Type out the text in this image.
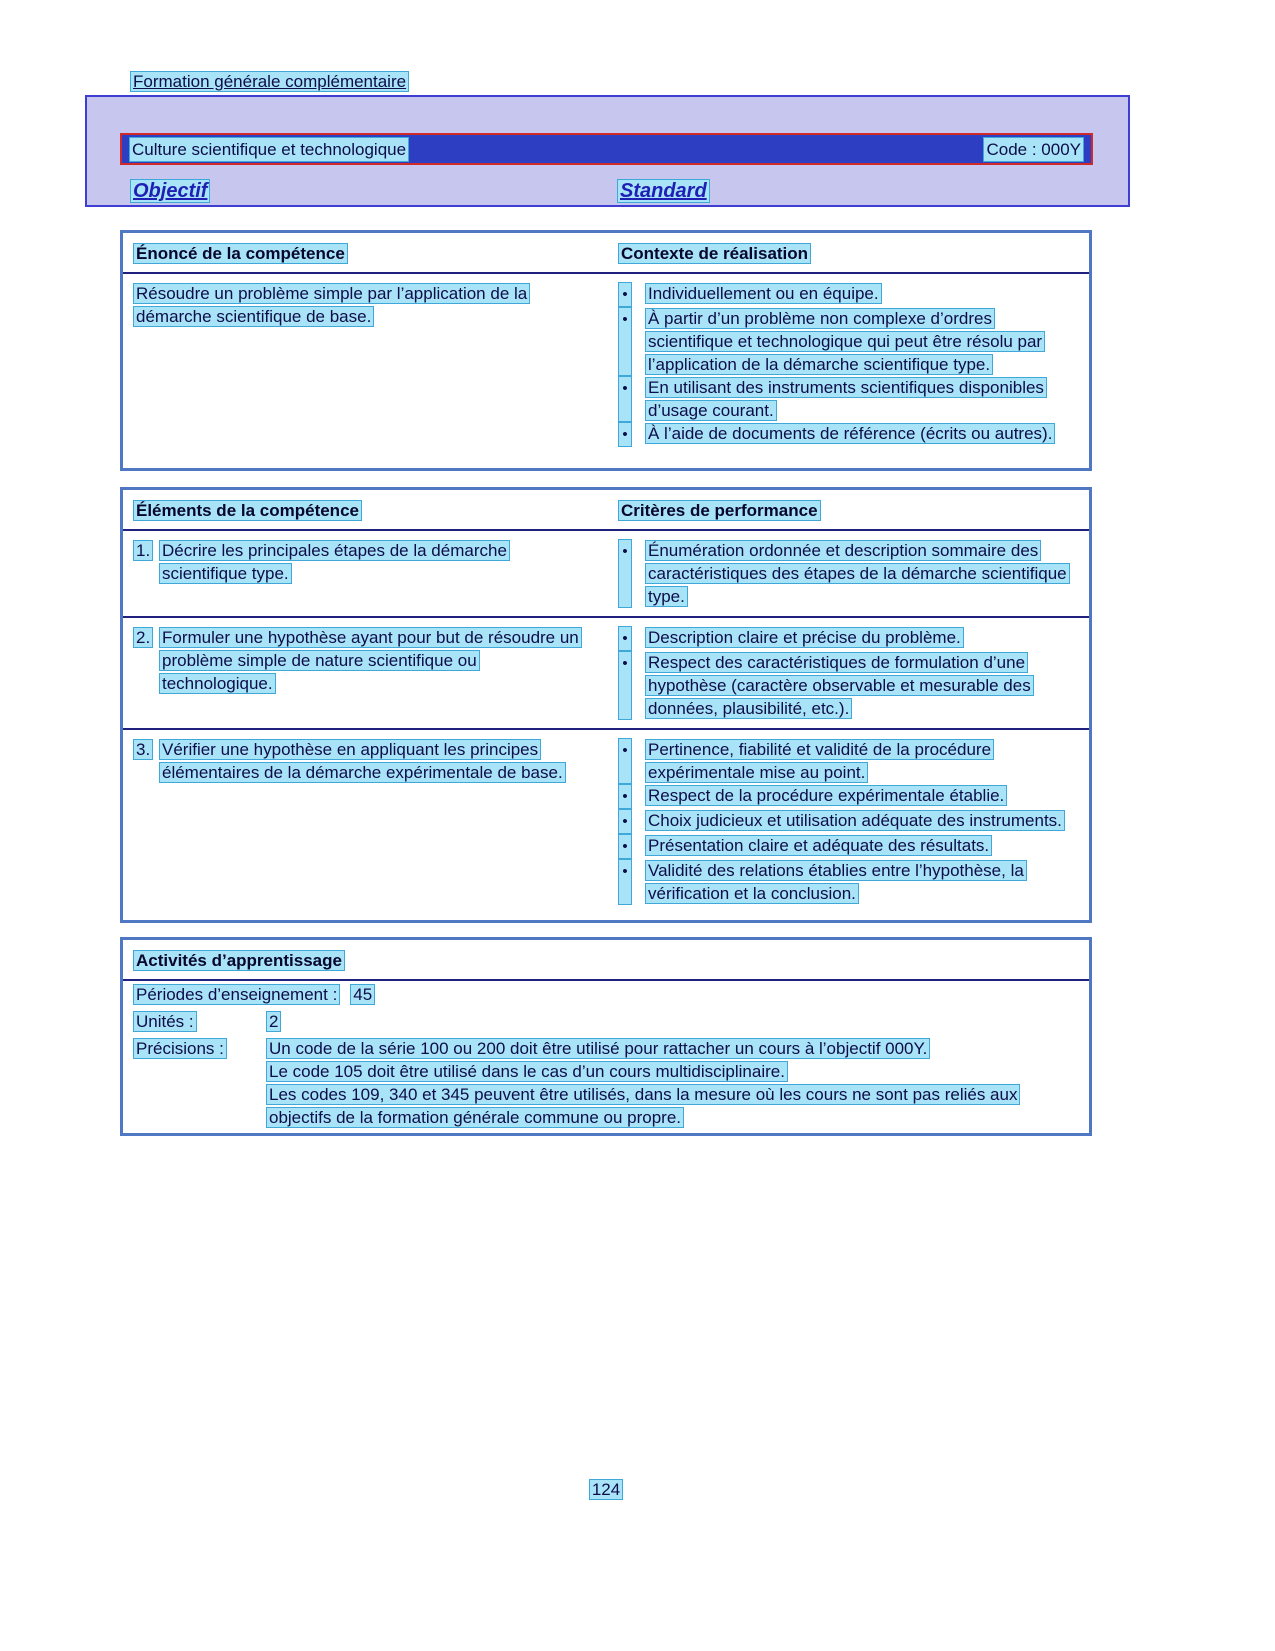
Formation générale complémentaire
Culture scientifique et technologique	Code : 000Y
Objectif	Standard
Énoncé de la compétence	Contexte de réalisation
Résoudre un problème simple par l’application de la démarche scientifique de base.
• Individuellement ou en équipe.
• À partir d’un problème non complexe d’ordres scientifique et technologique qui peut être résolu par l’application de la démarche scientifique type.
• En utilisant des instruments scientifiques disponibles d’usage courant.
• À l’aide de documents de référence (écrits ou autres).
Éléments de la compétence	Critères de performance
1. Décrire les principales étapes de la démarche scientifique type.
• Énumération ordonnée et description sommaire des caractéristiques des étapes de la démarche scientifique type.
2. Formuler une hypothèse ayant pour but de résoudre un problème simple de nature scientifique ou technologique.
• Description claire et précise du problème.
• Respect des caractéristiques de formulation d’une hypothèse (caractère observable et mesurable des données, plausibilité, etc.).
3. Vérifier une hypothèse en appliquant les principes élémentaires de la démarche expérimentale de base.
• Pertinence, fiabilité et validité de la procédure expérimentale mise au point.
• Respect de la procédure expérimentale établie.
• Choix judicieux et utilisation adéquate des instruments.
• Présentation claire et adéquate des résultats.
• Validité des relations établies entre l’hypothèse, la vérification et la conclusion.
Activités d’apprentissage
Périodes d’enseignement : 45
Unités :	2
Précisions :	Un code de la série 100 ou 200 doit être utilisé pour rattacher un cours à l’objectif 000Y.
Le code 105 doit être utilisé dans le cas d’un cours multidisciplinaire.
Les codes 109, 340 et 345 peuvent être utilisés, dans la mesure où les cours ne sont pas reliés aux objectifs de la formation générale commune ou propre.
124
